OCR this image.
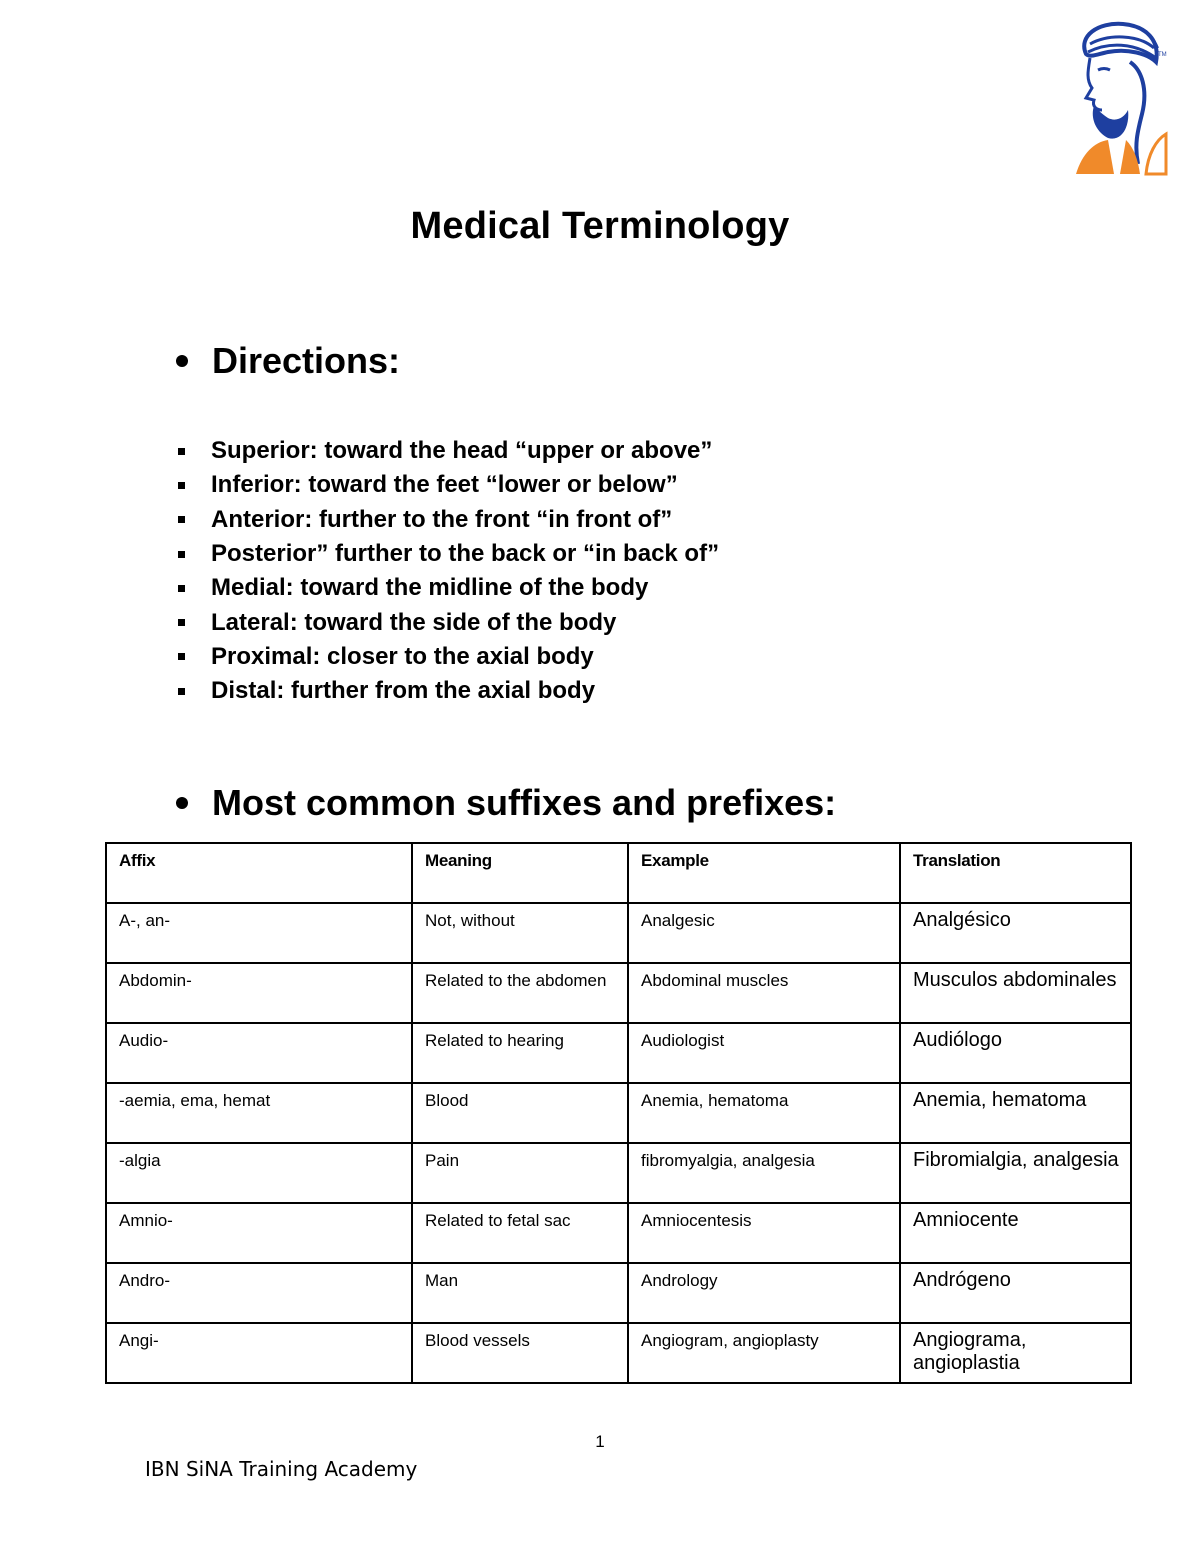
TM
Medical Terminology
Directions:
Superior: toward the head “upper or above”
Inferior: toward the feet “lower or below”
Anterior: further to the front “in front of”
Posterior” further to the back or “in back of”
Medial: toward the midline of the body
Lateral: toward the side of the body
Proximal: closer to the axial body
Distal: further from the axial body
Most common suffixes and prefixes:
Affix	Meaning	Example	Translation
A-, an-	Not, without	Analgesic	Analgésico
Abdomin-	Related to the abdomen	Abdominal muscles	Musculos abdominales
Audio-	Related to hearing	Audiologist	Audiólogo
-aemia, ema, hemat	Blood	Anemia, hematoma	Anemia, hematoma
-algia	Pain	fibromyalgia, analgesia	Fibromialgia, analgesia
Amnio-	Related to fetal sac	Amniocentesis	Amniocente
Andro-	Man	Andrology	Andrógeno
Angi-	Blood vessels	Angiogram, angioplasty	Angiograma, angioplastia
1
IBN SiNA Training Academy
